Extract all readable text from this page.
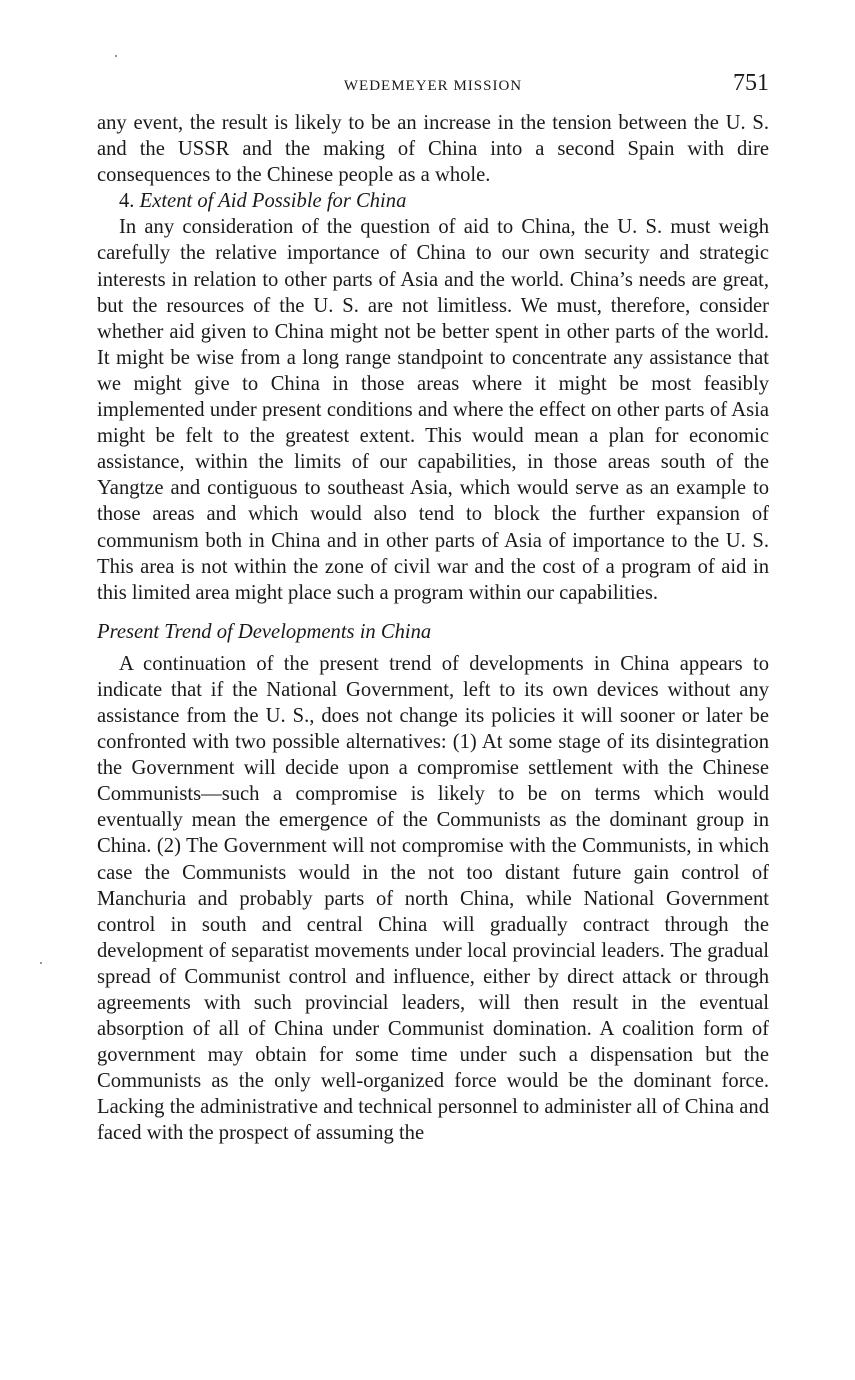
WEDEMEYER MISSION	751

any event, the result is likely to be an increase in the tension between the U. S. and the USSR and the making of China into a second Spain with dire consequences to the Chinese people as a whole.

4. Extent of Aid Possible for China

In any consideration of the question of aid to China, the U. S. must weigh carefully the relative importance of China to our own security and strategic interests in relation to other parts of Asia and the world. China’s needs are great, but the resources of the U. S. are not limitless. We must, therefore, consider whether aid given to China might not be better spent in other parts of the world. It might be wise from a long range standpoint to concentrate any assistance that we might give to China in those areas where it might be most feasibly implemented under present conditions and where the effect on other parts of Asia might be felt to the greatest extent. This would mean a plan for economic assistance, within the limits of our capabilities, in those areas south of the Yangtze and contiguous to southeast Asia, which would serve as an example to those areas and which would also tend to block the further expansion of communism both in China and in other parts of Asia of importance to the U. S. This area is not within the zone of civil war and the cost of a program of aid in this limited area might place such a program within our capabilities.

Present Trend of Developments in China

A continuation of the present trend of developments in China appears to indicate that if the National Government, left to its own devices without any assistance from the U. S., does not change its policies it will sooner or later be confronted with two possible alternatives: (1) At some stage of its disintegration the Government will decide upon a compromise settlement with the Chinese Communists—such a compromise is likely to be on terms which would eventually mean the emergence of the Communists as the dominant group in China. (2) The Government will not compromise with the Communists, in which case the Communists would in the not too distant future gain control of Manchuria and probably parts of north China, while National Government control in south and central China will gradually contract through the development of separatist movements under local provincial leaders. The gradual spread of Communist control and influence, either by direct attack or through agreements with such provincial leaders, will then result in the eventual absorption of all of China under Communist domination. A coalition form of government may obtain for some time under such a dispensation but the Communists as the only well-organized force would be the dominant force. Lacking the administrative and technical personnel to administer all of China and faced with the prospect of assuming the
